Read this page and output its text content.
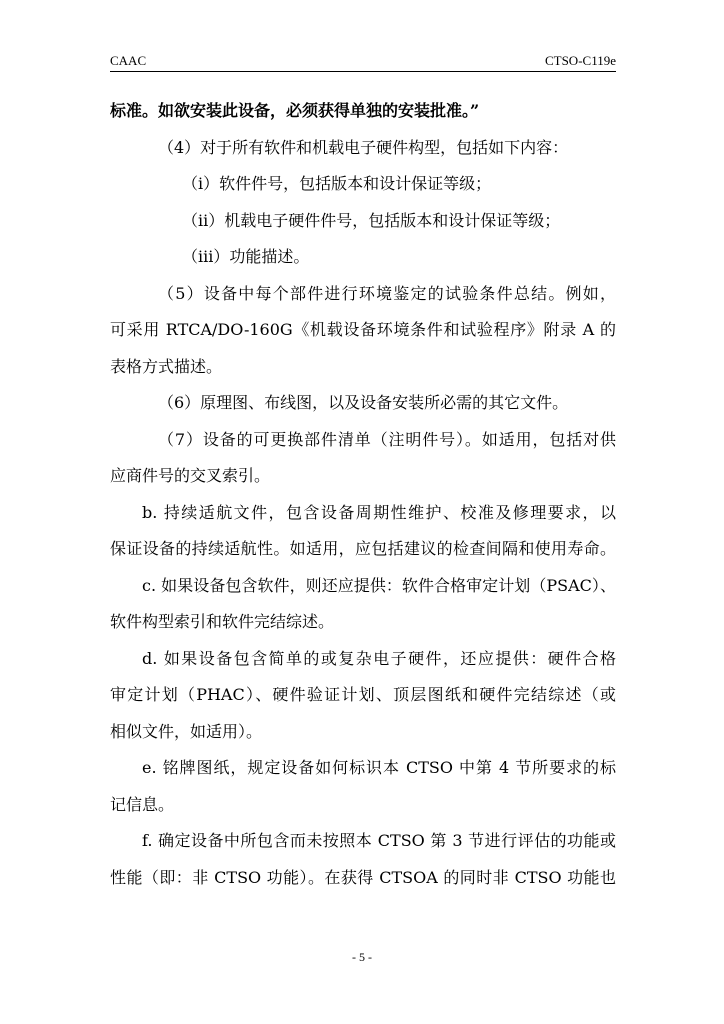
CAAC	CTSO-C119e
标准。如欲安装此设备，必须获得单独的安装批准。”
（4）对于所有软件和机载电子硬件构型，包括如下内容：
（i）软件件号，包括版本和设计保证等级；
（ii）机载电子硬件件号，包括版本和设计保证等级；
（iii）功能描述。
（5）设备中每个部件进行环境鉴定的试验条件总结。例如，
可采用 RTCA/DO-160G《机载设备环境条件和试验程序》附录 A 的
表格方式描述。
（6）原理图、布线图，以及设备安装所必需的其它文件。
（7）设备的可更换部件清单（注明件号）。如适用，包括对供
应商件号的交叉索引。
b. 持续适航文件，包含设备周期性维护、校准及修理要求，以
保证设备的持续适航性。如适用，应包括建议的检查间隔和使用寿命。
c. 如果设备包含软件，则还应提供：软件合格审定计划（PSAC）、
软件构型索引和软件完结综述。
d. 如果设备包含简单的或复杂电子硬件，还应提供：硬件合格
审定计划（PHAC）、硬件验证计划、顶层图纸和硬件完结综述（或
相似文件，如适用）。
e. 铭牌图纸，规定设备如何标识本 CTSO 中第 4 节所要求的标
记信息。
f. 确定设备中所包含而未按照本 CTSO 第 3 节进行评估的功能或
性能（即：非 CTSO 功能）。在获得 CTSOA 的同时非 CTSO 功能也
- 5 -
